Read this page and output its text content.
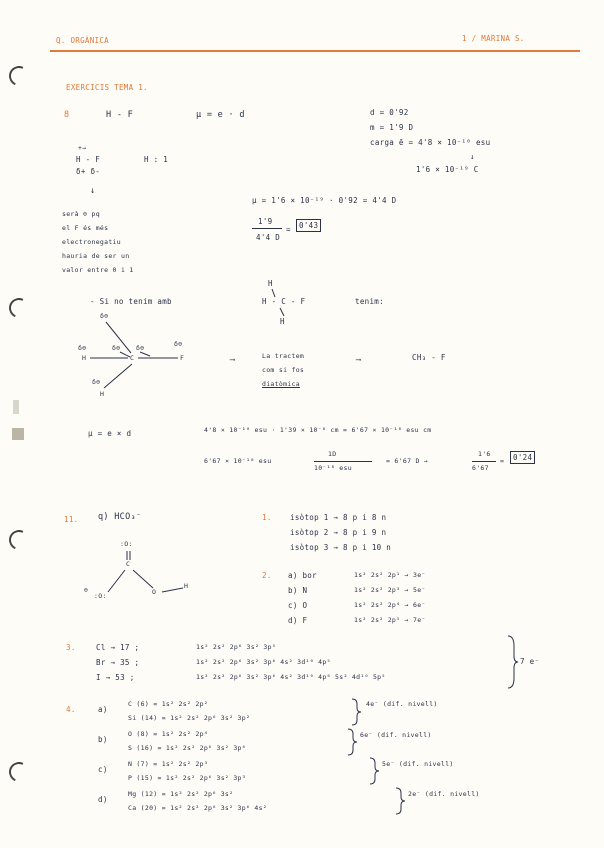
Q. ORGÀNICA	1 / MARINA S.
EXERCICIS TEMA 1.
8	H - F	μ = e · d	d = 0'92
m = 1'9 D
carga ē = 4'8 × 10⁻¹⁰ esu
↓
1'6 × 10⁻¹⁹ C
+→
H - F
δ+ δ-
H : 1
↓
serà ⊖ pq
el F és més
electronegatiu
hauria de ser un
valor entre 0 i 1
μ = 1'6 × 10⁻¹⁹ · 0'92 = 4'4 D
1'9
4'4 D
=	0'43
- Si no tenim amb
H
H - C - F
H
tenim:
δ⊖
δ⊖	δ⊖ δ⊖	δ⊖
δ⊖
H	C	F
H
⟶	La tractem
com si fos
diatòmica
⟶	CH₃ - F
μ = e × d	4'8 × 10⁻¹⁰ esu · 1'39 × 10⁻⁸ cm = 6'67 × 10⁻¹⁸ esu cm
6'67 × 10⁻¹⁸ esu
1D
10⁻¹⁸ esu
= 6'67 D →
1'6
6'67
=	0'24
11. q) HCO₃⁻
:O:
C
⊖
:O:	O
H
1. isòtop 1 → 8 p i 8 n
isòtop 2 → 8 p i 9 n
isòtop 3 → 8 p i 10 n
2. a) bor	1s² 2s² 2p¹ → 3e⁻
b) N	1s² 2s² 2p³ → 5e⁻
c) O	1s² 2s² 2p⁴ → 6e⁻
d) F	1s² 2s² 2p⁵ → 7e⁻
3.	Cl → 17 ;	1s² 2s² 2p⁶ 3s² 3p⁵
Br → 35 ;	1s² 2s² 2p⁶ 3s² 3p⁶ 4s² 3d¹⁰ 4p⁵
I → 53 ;	1s² 2s² 2p⁶ 3s² 3p⁶ 4s² 3d¹⁰ 4p⁶ 5s² 4d¹⁰ 5p⁵
7 e⁻
4.	a)
C (6) = 1s² 2s² 2p²
Si (14) = 1s² 2s² 2p⁶ 3s² 3p²
4e⁻ (dif. nivell)
b)
O (8) = 1s² 2s² 2p⁴
S (16) = 1s² 2s² 2p⁶ 3s² 3p⁴
6e⁻ (dif. nivell)
c)
N (7) = 1s² 2s² 2p³
P (15) = 1s² 2s² 2p⁶ 3s² 3p³
5e⁻ (dif. nivell)
d)
Mg (12) = 1s² 2s² 2p⁶ 3s²
Ca (20) = 1s² 2s² 2p⁶ 3s² 3p⁶ 4s²
2e⁻ (dif. nivell)
